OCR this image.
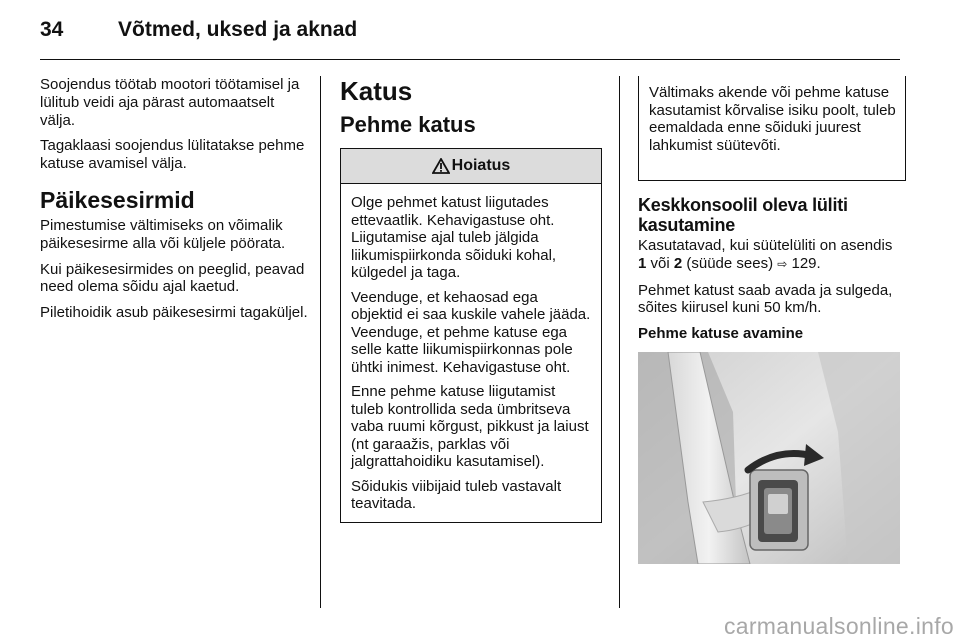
34	Võtmed, uksed ja aknad

Soojendus töötab mootori töötamisel ja lülitub veidi aja pärast automaatselt välja.

Tagaklaasi soojendus lülitatakse pehme katuse avamisel välja.

Päikesesirmid

Pimestumise vältimiseks on võimalik päikesesirme alla või küljele pöörata.

Kui päikesesirmides on peeglid, peavad need olema sõidu ajal kaetud.

Piletihoidik asub päikesesirmi tagaküljel.

Katus
Pehme katus
Hoiatus

Olge pehmet katust liigutades ettevaatlik. Kehavigastuse oht. Liigutamise ajal tuleb jälgida liikumispiirkonda sõiduki kohal, külgedel ja taga.

Veenduge, et kehaosad ega objektid ei saa kuskile vahele jääda. Veenduge, et pehme katuse ega selle katte liikumispiirkonnas pole ühtki inimest. Kehavigastuse oht.

Enne pehme katuse liigutamist tuleb kontrollida seda ümbritseva vaba ruumi kõrgust, pikkust ja laiust (nt garaažis, parklas või jalgrattahoidiku kasutamisel).

Sõidukis viibijaid tuleb vastavalt teavitada.

Vältimaks akende või pehme katuse kasutamist kõrvalise isiku poolt, tuleb eemaldada enne sõiduki juurest lahkumist süütevõti.

Keskkonsoolil oleva lüliti kasutamine

Kasutatavad, kui süütelüliti on asendis 1 või 2 (süüde sees) ⇨ 129.

Pehmet katust saab avada ja sulgeda, sõites kiirusel kuni 50 km/h.

Pehme katuse avamine
carmanualsonline.info
